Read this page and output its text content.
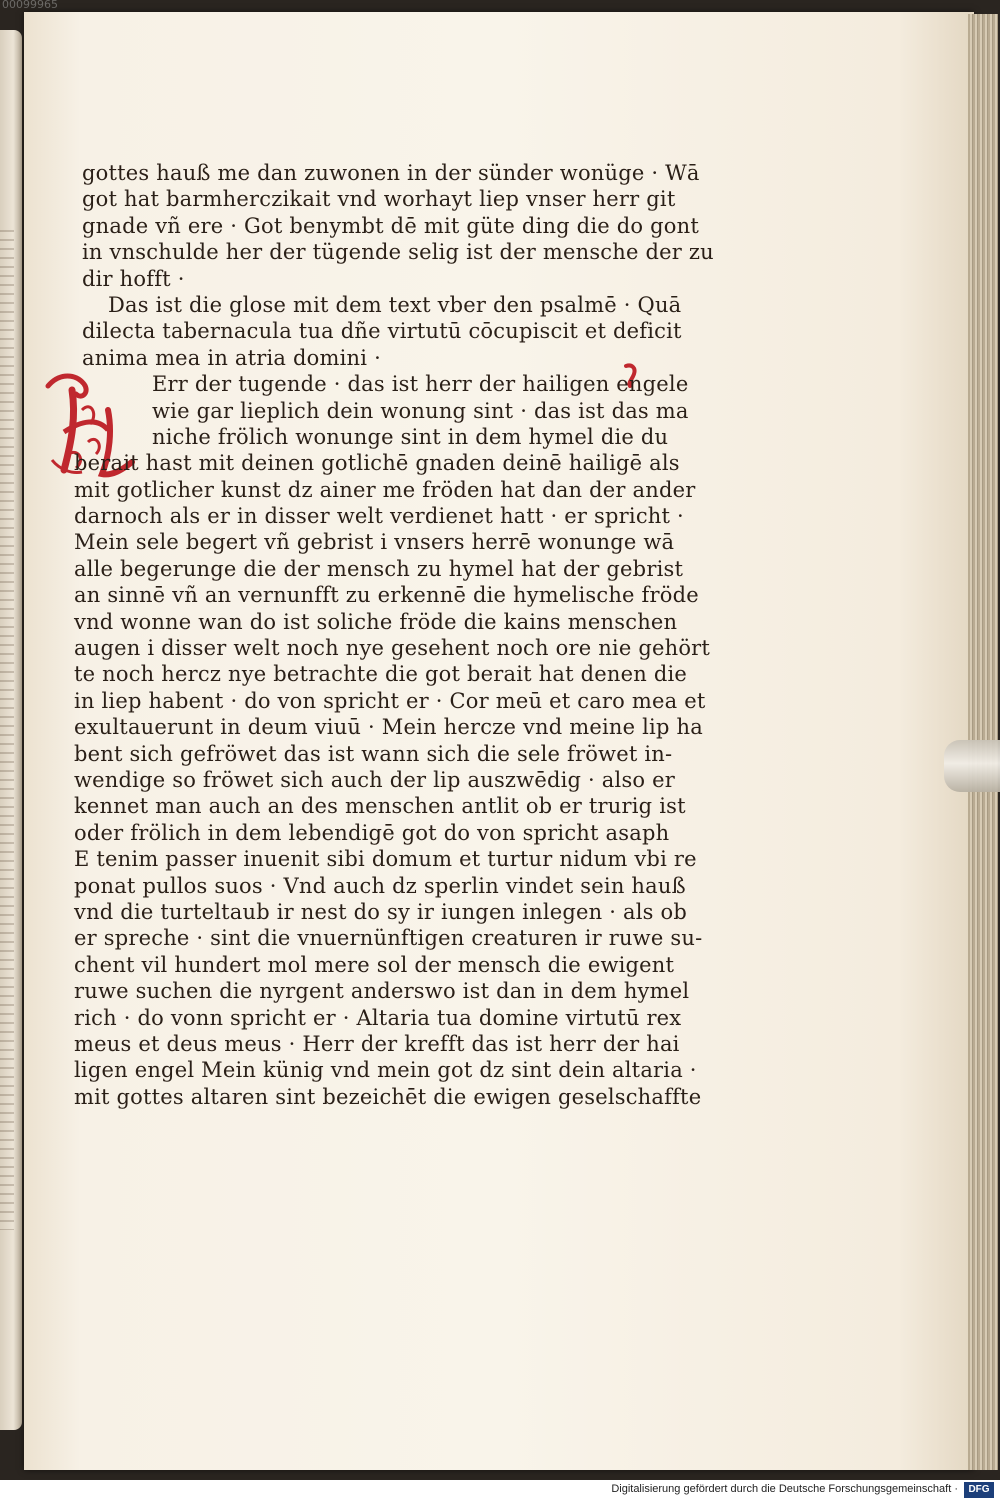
00099965
gottes hauß me dan zuwonen in der sünder wonüge · Wā
got hat barmherczikait vnd worhayt liep vnser herr git
gnade vñ ere · Got benymbt dē mit güte ding die do gont
in vnschulde her der tügende selig ist der mensche der zu
dir hofft ·
Das ist die glose mit dem text vber den psalmē · Quā
dilecta tabernacula tua dñe virtutū cōcupiscit et deficit
anima mea in atria domini ·
Err der tugende · das ist herr der hailigen engele
wie gar lieplich dein wonung sint · das ist das ma
niche frölich wonunge sint in dem hymel die du
berait hast mit deinen gotlichē gnaden deinē hailigē als
mit gotlicher kunst dz ainer me fröden hat dan der ander
darnoch als er in disser welt verdienet hatt · er spricht ·
Mein sele begert vñ gebrist i vnsers herrē wonunge wā
alle begerunge die der mensch zu hymel hat der gebrist
an sinnē vñ an vernunfft zu erkennē die hymelische fröde
vnd wonne wan do ist soliche fröde die kains menschen
augen i disser welt noch nye gesehent noch ore nie gehört
te noch hercz nye betrachte die got berait hat denen die
in liep habent · do von spricht er · Cor meū et caro mea et
exultauerunt in deum viuū · Mein hercze vnd meine lip ha
bent sich gefröwet das ist wann sich die sele fröwet in-
wendige so fröwet sich auch der lip auszwēdig · also er
kennet man auch an des menschen antlit ob er trurig ist
oder frölich in dem lebendigē got do von spricht asaph
E tenim passer inuenit sibi domum et turtur nidum vbi re
ponat pullos suos · Vnd auch dz sperlin vindet sein hauß
vnd die turteltaub ir nest do sy ir iungen inlegen · als ob
er spreche · sint die vnuernünftigen creaturen ir ruwe su-
chent vil hundert mol mere sol der mensch die ewigent
ruwe suchen die nyrgent anderswo ist dan in dem hymel
rich · do vonn spricht er · Altaria tua domine virtutū rex
meus et deus meus · Herr der krefft das ist herr der hai
ligen engel Mein künig vnd mein got dz sint dein altaria ·
mit gottes altaren sint bezeichēt die ewigen geselschaffte
Digitalisierung gefördert durch die Deutsche Forschungsgemeinschaft ·	DFG
